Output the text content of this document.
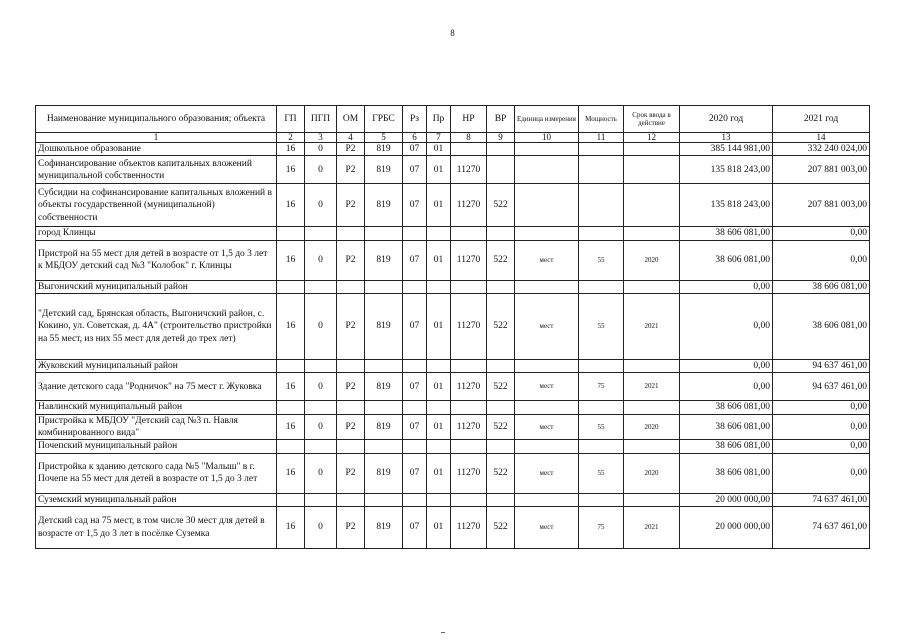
8
Наименование муниципального образования; объекта	ГП	ПГП	ОМ	ГРБС	Рз	Пр	НР	ВР	Единица измерения	Мощность	Срок ввода в действие	2020 год	2021 год
1	2	3	4	5	6	7	8	9	10	11	12	13	14
Дошкольное образование	16	0	P2	819	07	01						385 144 981,00	332 240 024,00
Софинансирование объектов капитальных вложений муниципальной собственности	16	0	P2	819	07	01	11270					135 818 243,00	207 881 003,00
Субсидии на софинансирование капитальных вложений в объекты государственной (муниципальной) собственности	16	0	P2	819	07	01	11270	522				135 818 243,00	207 881 003,00
город Клинцы												38 606 081,00	0,00
Пристрой на 55 мест для детей в возрасте от 1,5 до 3 лет к МБДОУ детский сад №3 "Колобок" г. Клинцы	16	0	P2	819	07	01	11270	522	мест	55	2020	38 606 081,00	0,00
Выгоничский муниципальный район												0,00	38 606 081,00
"Детский сад, Брянская область, Выгоничский район, с. Кокино, ул. Советская, д. 4А" (строительство пристройки на 55 мест, из них 55 мест для детей до трех лет)	16	0	P2	819	07	01	11270	522	мест	55	2021	0,00	38 606 081,00
Жуковский муниципальный район												0,00	94 637 461,00
Здание детского сада "Родничок" на 75 мест г. Жуковка	16	0	P2	819	07	01	11270	522	мест	75	2021	0,00	94 637 461,00
Навлинский муниципальный район												38 606 081,00	0,00
Пристройка к МБДОУ "Детский сад №3 п. Навля комбинированного вида"	16	0	P2	819	07	01	11270	522	мест	55	2020	38 606 081,00	0,00
Почепский муниципальный район												38 606 081,00	0,00
Пристройка к зданию детского сада №5 "Малыш" в г. Почепе на 55 мест для детей в возрасте от 1,5 до 3 лет	16	0	P2	819	07	01	11270	522	мест	55	2020	38 606 081,00	0,00
Суземский муниципальный район												20 000 000,00	74 637 461,00
Детский сад на 75 мест, в том числе 30 мест для детей в возрасте от 1,5 до 3 лет в посёлке Суземка	16	0	P2	819	07	01	11270	522	мест	75	2021	20 000 000,00	74 637 461,00
